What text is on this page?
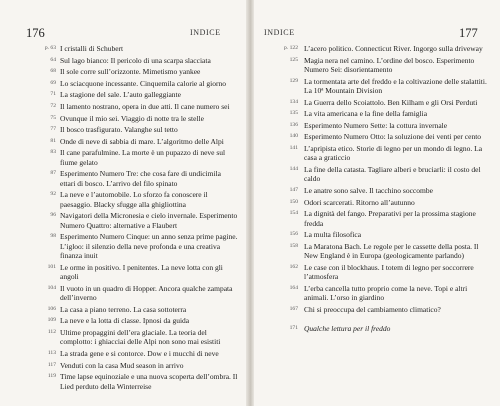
176	INDICE
p. 63 I cristalli di Schubert
64 Sul lago bianco: Il pericolo di una scarpa slacciata
68 Il sole corre sull’orizzonte. Mimetismo yankee
69 Lo sciacquone incessante. Cinquemila calorie al giorno
71 La stagione del sale. L’auto galleggiante
72 Il lamento nostrano, opera in due atti. Il cane numero sei
75 Ovunque il mio sei. Viaggio di notte tra le stelle
77 Il bosco trasfigurato. Valanghe sul tetto
81 Onde di neve di sabbia di mare. L’algoritmo delle Alpi
83 Il cane parafulmine. La morte è un pupazzo di neve sul fiume gelato
87 Esperimento Numero Tre: che cosa fare di undicimila ettari di bosco. L’arrivo del filo spinato
92 La neve e l’automobile. Lo sforzo fa conoscere il paesaggio. Blacky sfugge alla ghigliottina
96 Navigatori della Micronesia e cielo invernale. Esperimento Numero Quattro: alternative a Flaubert
98 Esperimento Numero Cinque: un anno senza prime pagine. L’igloo: il silenzio della neve profonda e una creativa finanza inuit
101 Le orme in positivo. I penitentes. La neve lotta con gli angoli
104 Il vuoto in un quadro di Hopper. Ancora qualche zampata dell’inverno
106 La casa a piano terreno. La casa sottoterra
109 La neve e la lotta di classe. Ipnosi da guida
112 Ultime propaggini dell’era glaciale. La teoria del complotto: i ghiacciai delle Alpi non sono mai esistiti
113 La strada gene e si contorce. Dow e i mucchi di neve
117 Venduti con la casa Mud season in arrivo
119 Time lapse equinoziale e una nuova scoperta dell’ombra. Il Lied perduto della Winterreise
INDICE	177
p. 122 L’acero politico. Connecticut River. Ingorgo sulla driveway
125 Magia nera nel camino. L’ordine del bosco. Esperimento Numero Sei: disorientamento
129 La tormentata arte del freddo e la coltivazione delle stalattiti. La 10ª Mountain Division
134 La Guerra dello Scoiattolo. Ben Kilham e gli Orsi Perduti
135 La vita americana e la fine della famiglia
136 Esperimento Numero Sette: la cottura invernale
140 Esperimento Numero Otto: la soluzione dei venti per cento
141 L’apripista etico. Storie di legno per un mondo di legno. La casa a graticcio
144 La fine della catasta. Tagliare alberi e bruciarli: il costo del caldo
147 Le anatre sono salve. Il tacchino soccombe
150 Odori scarcerati. Ritorno all’autunno
154 La dignità del fango. Preparativi per la prossima stagione fredda
156 La multa filosofica
158 La Maratona Bach. Le regole per le cassette della posta. Il New England è in Europa (geologicamente parlando)
162 Le case con il blockhaus. I totem di legno per soccorrere l’atmosfera
164 L’erba cancella tutto proprio come la neve. Topi e altri animali. L’orso in giardino
167 Chi si preoccupa del cambiamento climatico?
171 Qualche lettura per il freddo
